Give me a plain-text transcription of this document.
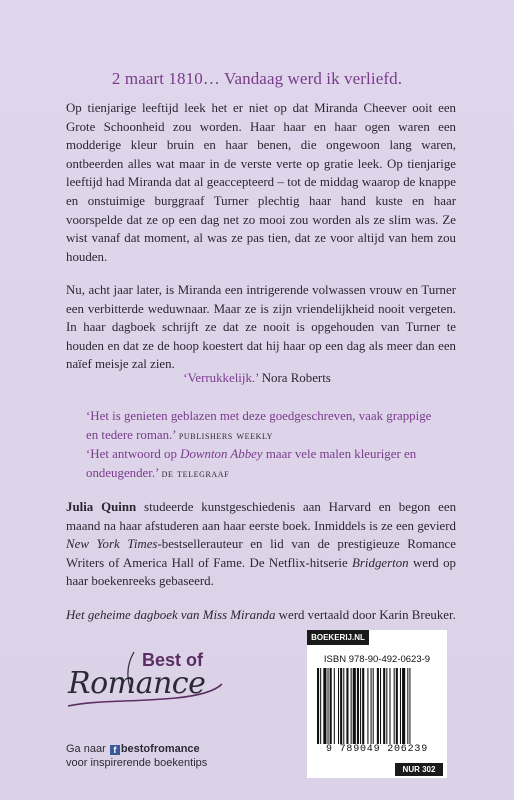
2 maart 1810… Vandaag werd ik verliefd.

Op tienjarige leeftijd leek het er niet op dat Miranda Cheever ooit een Grote Schoonheid zou worden. Haar haar en haar ogen waren een modderige kleur bruin en haar benen, die ongewoon lang waren, ontbeerden alles wat maar in de verste verte op gratie leek. Op tienjarige leeftijd had Miranda dat al geaccepteerd – tot de middag waarop de knappe en onstuimige burggraaf Turner plechtig haar hand kuste en haar voorspelde dat ze op een dag net zo mooi zou worden als ze slim was. Ze wist vanaf dat moment, al was ze pas tien, dat ze voor altijd van hem zou houden.

Nu, acht jaar later, is Miranda een intrigerende volwassen vrouw en Turner een verbitterde weduwnaar. Maar ze is zijn vriendelijkheid nooit vergeten. In haar dagboek schrijft ze dat ze nooit is opgehouden van Turner te houden en dat ze de hoop koestert dat hij haar op een dag als meer dan een naïef meisje zal zien.

‘Verrukkelijk.’ Nora Roberts

‘Het is genieten geblazen met deze goedgeschreven, vaak grappige en tedere roman.’ publishers weekly

‘Het antwoord op Downton Abbey maar vele malen kleuriger en ondeugender.’ de telegraaf

Julia Quinn studeerde kunstgeschiedenis aan Harvard en begon een maand na haar afstuderen aan haar eerste boek. Inmiddels is ze een gevierd New York Times-bestsellerauteur en lid van de prestigieuze Romance Writers of America Hall of Fame. De Netflix-hitserie Bridgerton werd op haar boekenreeks gebaseerd.

Het geheime dagboek van Miss Miranda werd vertaald door Karin Breuker.

Best of
Romance
Ga naar f bestofromance
voor inspirerende boekentips
BOEKERIJ.NL
ISBN 978-90-492-0623-9
9 789049 206239
NUR 302
